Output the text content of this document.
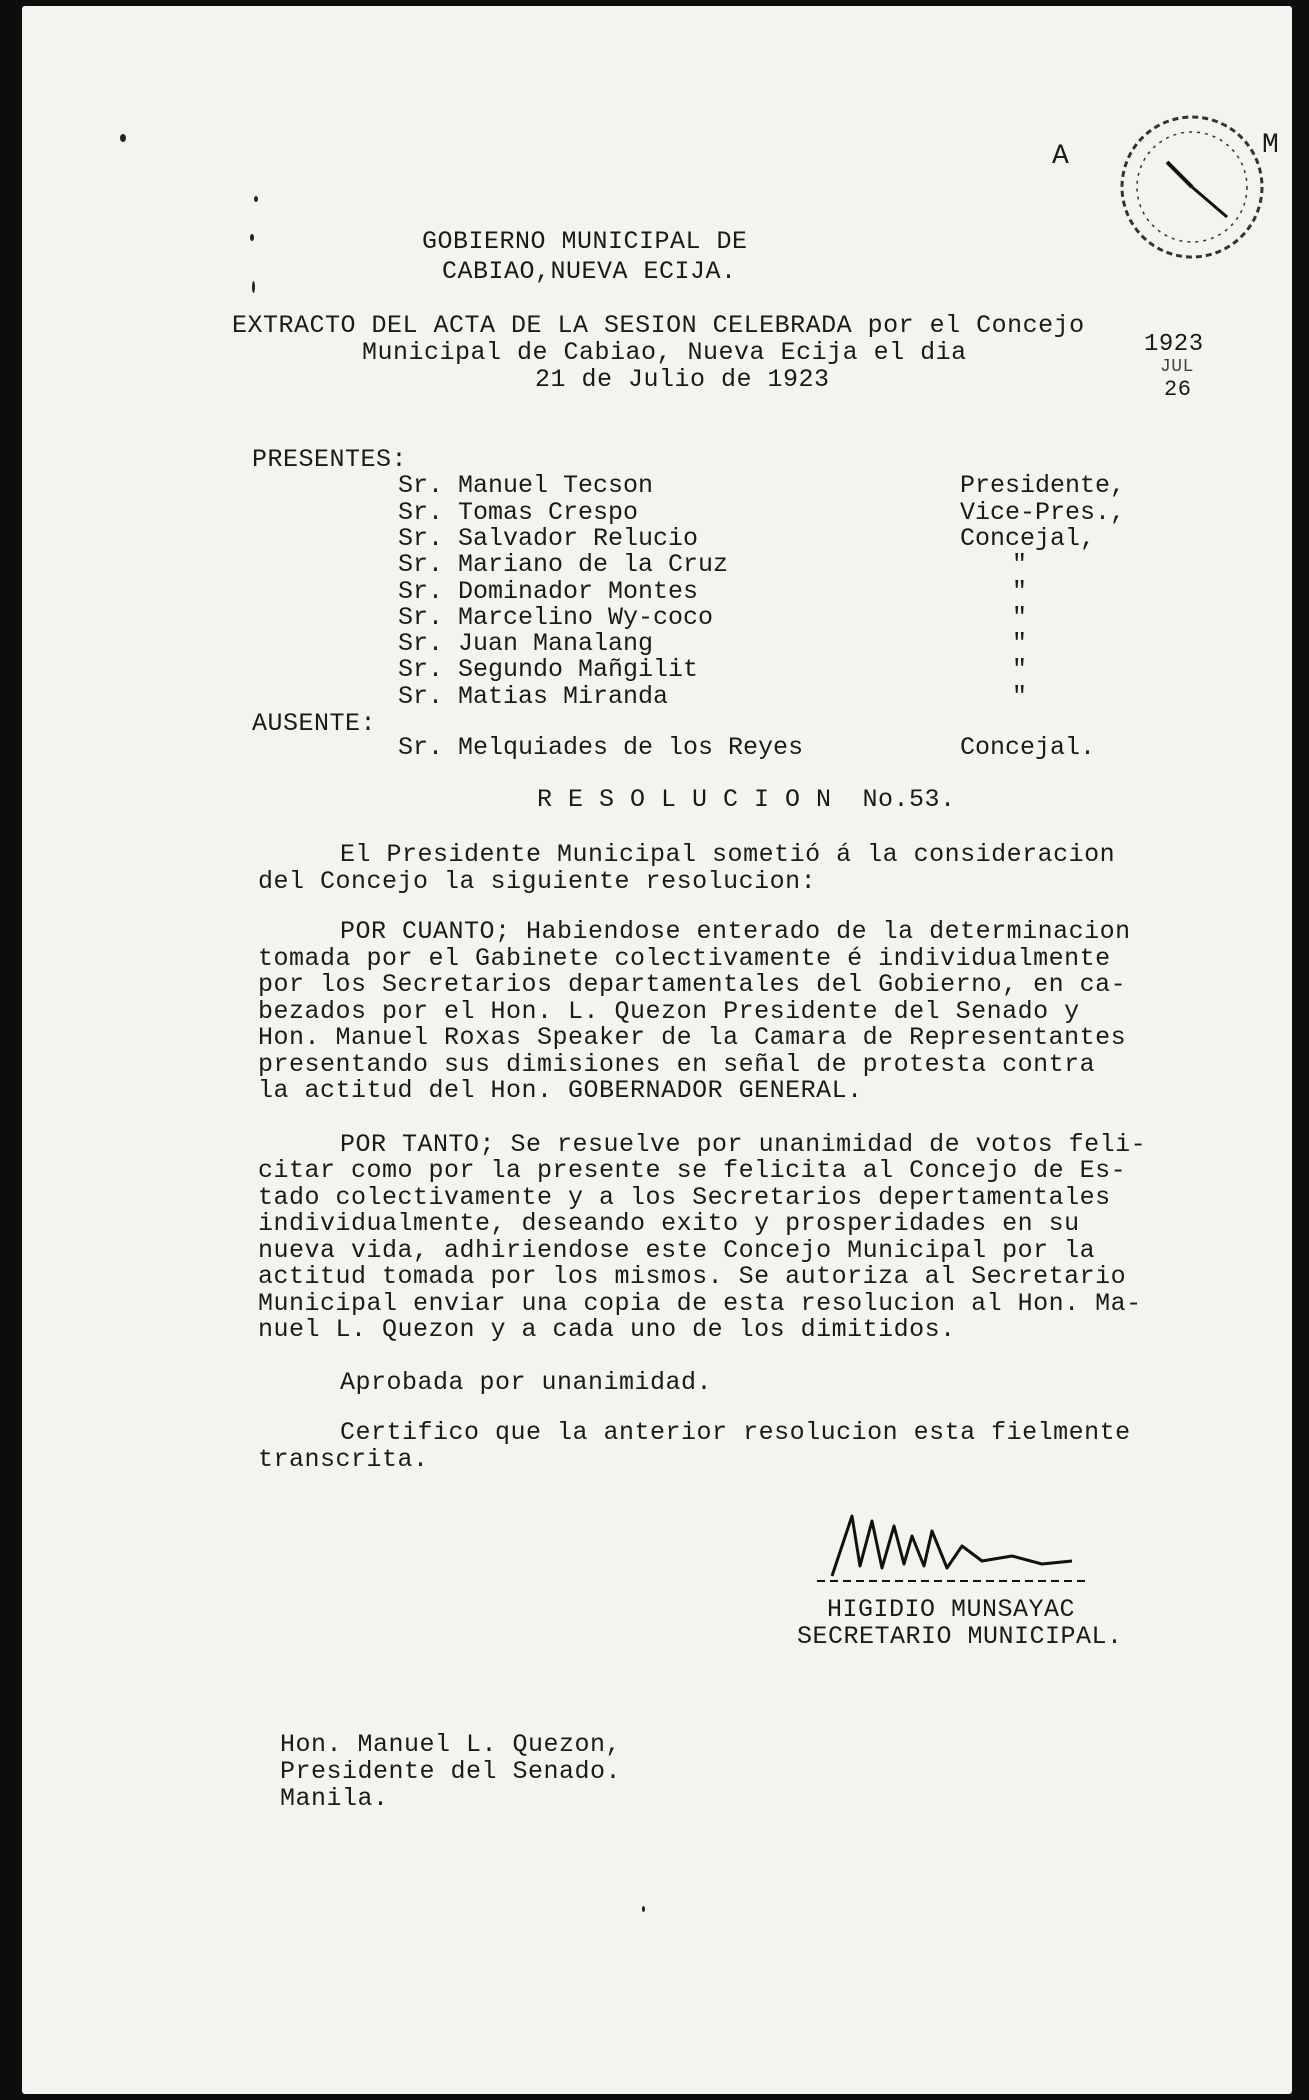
GOBIERNO MUNICIPAL DE
CABIAO,NUEVA ECIJA.
A	M
1923
JUL
26
EXTRACTO DEL ACTA DE LA SESION CELEBRADA por el Concejo
Municipal de Cabiao, Nueva Ecija el dia
21 de Julio de 1923
PRESENTES:
Sr. Manuel Tecson	Presidente,
Sr. Tomas Crespo	Vice-Pres.,
Sr. Salvador Relucio	Concejal,
Sr. Mariano de la Cruz	"
Sr. Dominador Montes	"
Sr. Marcelino Wy-coco	"
Sr. Juan Manalang	"
Sr. Segundo Mañgilit	"
Sr. Matias Miranda	"
AUSENTE:
Sr. Melquiades de los Reyes	Concejal.
R E S O L U C I O N  No.53.
El Presidente Municipal sometió á la consideracion
del Concejo la siguiente resolucion:
POR CUANTO; Habiendose enterado de la determinacion
tomada por el Gabinete colectivamente é individualmente
por los Secretarios departamentales del Gobierno, en ca-
bezados por el Hon. L. Quezon Presidente del Senado y
Hon. Manuel Roxas Speaker de la Camara de Representantes
presentando sus dimisiones en señal de protesta contra
la actitud del Hon. GOBERNADOR GENERAL.
POR TANTO; Se resuelve por unanimidad de votos feli-
citar como por la presente se felicita al Concejo de Es-
tado colectivamente y a los Secretarios depertamentales
individualmente, deseando exito y prosperidades en su
nueva vida, adhiriendose este Concejo Municipal por la
actitud tomada por los mismos. Se autoriza al Secretario
Municipal enviar una copia de esta resolucion al Hon. Ma-
nuel L. Quezon y a cada uno de los dimitidos.
Aprobada por unanimidad.
Certifico que la anterior resolucion esta fielmente
transcrita.
HIGIDIO MUNSAYAC
SECRETARIO MUNICIPAL.
Hon. Manuel L. Quezon,
Presidente del Senado.
Manila.
